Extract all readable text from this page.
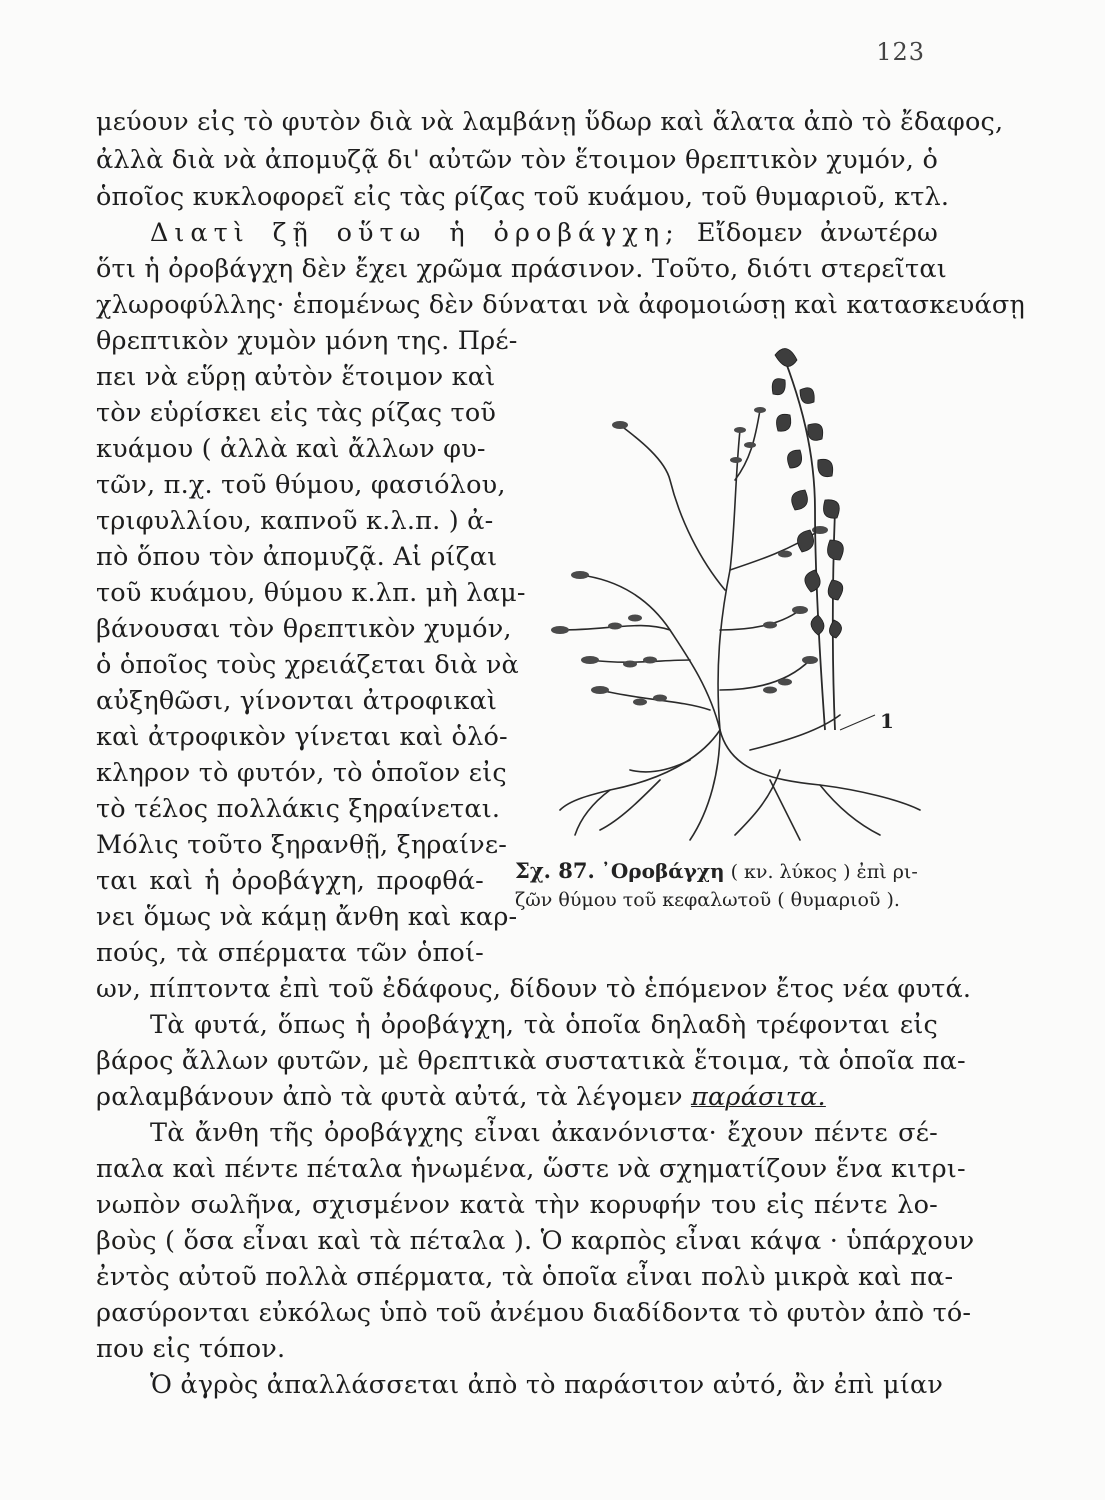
123
μεύουν εἰς τὸ φυτὸν διὰ νὰ λαμβάνῃ ὕδωρ καὶ ἅλατα ἀπὸ τὸ ἔδαφος,
ἀλλὰ διὰ νὰ ἀπομυζᾷ δι' αὐτῶν τὸν ἕτοιμον θρεπτικὸν χυμόν, ὁ
ὁποῖος κυκλοφορεῖ εἰς τὰς ρίζας τοῦ κυάμου, τοῦ θυμαριοῦ, κτλ.
Διατὶ ζῇ οὕτω ἡ ὀροβάγχη; Εἴδομεν ἀνωτέρω
ὅτι ἡ ὀροβάγχη δὲν ἔχει χρῶμα πράσινον. Τοῦτο, διότι στερεῖται
χλωροφύλλης· ἑπομένως δὲν δύναται νὰ ἀφομοιώσῃ καὶ κατασκευάσῃ
θρεπτικὸν χυμὸν μόνη της. Πρέ-
πει νὰ εὕρῃ αὐτὸν ἕτοιμον καὶ
τὸν εὑρίσκει εἰς τὰς ρίζας τοῦ
κυάμου ( ἀλλὰ καὶ ἄλλων φυ-
τῶν, π.χ. τοῦ θύμου, φασιόλου,
τριφυλλίου, καπνοῦ κ.λ.π. ) ἀ-
πὸ ὅπου τὸν ἀπομυζᾷ. Αἱ ρίζαι
τοῦ κυάμου, θύμου κ.λπ. μὴ λαμ-
βάνουσαι τὸν θρεπτικὸν χυμόν,
ὁ ὁποῖος τοὺς χρειάζεται διὰ νὰ
αὐξηθῶσι, γίνονται ἀτροφικαὶ
καὶ ἀτροφικὸν γίνεται καὶ ὁλό-
κληρον τὸ φυτόν, τὸ ὁποῖον εἰς
τὸ τέλος πολλάκις ξηραίνεται.
Μόλις τοῦτο ξηρανθῇ, ξηραίνε-
ται καὶ ἡ ὀροβάγχη, προφθά-
νει ὅμως νὰ κάμῃ ἄνθη καὶ καρ-
πούς, τὰ σπέρματα τῶν ὁποί-
ων, πίπτοντα ἐπὶ τοῦ ἐδάφους, δίδουν τὸ ἑπόμενον ἔτος νέα φυτά.
Τὰ φυτά, ὅπως ἡ ὀροβάγχη, τὰ ὁποῖα δηλαδὴ τρέφονται εἰς
βάρος ἄλλων φυτῶν, μὲ θρεπτικὰ συστατικὰ ἕτοιμα, τὰ ὁποῖα πα-
ραλαμβάνουν ἀπὸ τὰ φυτὰ αὐτά, τὰ λέγομεν παράσιτα.
Τὰ ἄνθη τῆς ὀροβάγχης εἶναι ἀκανόνιστα· ἔχουν πέντε σέ-
παλα καὶ πέντε πέταλα ἡνωμένα, ὥστε νὰ σχηματίζουν ἕνα κιτρι-
νωπὸν σωλῆνα, σχισμένον κατὰ τὴν κορυφήν του εἰς πέντε λο-
βοὺς ( ὅσα εἶναι καὶ τὰ πέταλα ). Ὁ καρπὸς εἶναι κάψα · ὑπάρχουν
ἐντὸς αὐτοῦ πολλὰ σπέρματα, τὰ ὁποῖα εἶναι πολὺ μικρὰ καὶ πα-
ρασύρονται εὐκόλως ὑπὸ τοῦ ἀνέμου διαδίδοντα τὸ φυτὸν ἀπὸ τό-
που εἰς τόπον.
Ὁ ἀγρὸς ἀπαλλάσσεται ἀπὸ τὸ παράσιτον αὐτό, ἂν ἐπὶ μίαν
1
Σχ. 87. ᾿Οροβάγχη ( κν. λύκος ) ἐπὶ ρι-
ζῶν θύμου τοῦ κεφαλωτοῦ ( θυμαριοῦ ).
